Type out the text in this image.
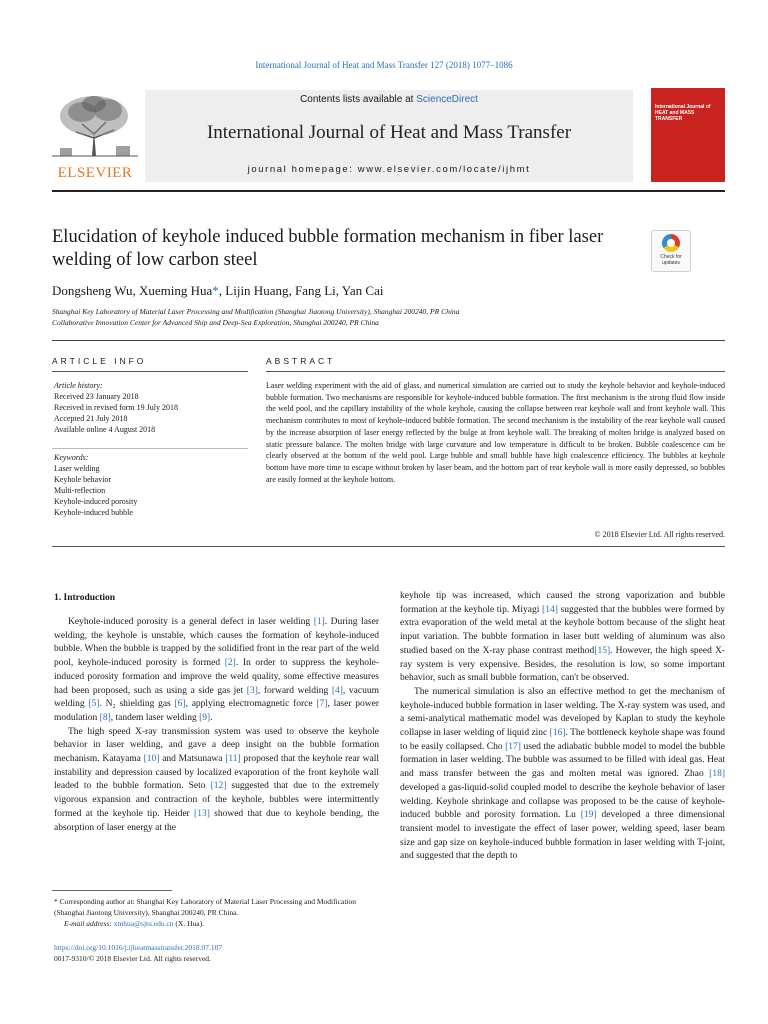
International Journal of Heat and Mass Transfer 127 (2018) 1077–1086
ELSEVIER
Contents lists available at ScienceDirect
International Journal of Heat and Mass Transfer
journal homepage: www.elsevier.com/locate/ijhmt
International Journal of HEAT and MASS TRANSFER
Elucidation of keyhole induced bubble formation mechanism in fiber laser welding of low carbon steel	Check for updates
Dongsheng Wu, Xueming Hua*, Lijin Huang, Fang Li, Yan Cai
Shanghai Key Laboratory of Material Laser Processing and Modification (Shanghai Jiaotong University), Shanghai 200240, PR China
Collaborative Innovation Center for Advanced Ship and Deep-Sea Exploration, Shanghai 200240, PR China
ARTICLE INFO	ABSTRACT
Article history:
Received 23 January 2018
Received in revised form 19 July 2018
Accepted 21 July 2018
Available online 4 August 2018
Keywords:
Laser welding
Keyhole behavior
Multi-reflection
Keyhole-induced porosity
Keyhole-induced bubble
Laser welding experiment with the aid of glass, and numerical simulation are carried out to study the keyhole behavior and keyhole-induced bubble formation. Two mechanisms are responsible for keyhole-induced bubble formation. The first mechanism is the strong fluid flow inside the weld pool, and the capillary instability of the whole keyhole, causing the collapse between rear keyhole wall and front keyhole wall. This mechanism contributes to most of keyhole-induced bubble formation. The second mechanism is the instability of the rear keyhole wall caused by the increase absorption of laser energy reflected by the bulge at front keyhole wall. The breaking of molten bridge is analyzed based on static pressure balance. The molten bridge with large curvature and low temperature is difficult to be broken. Bubble coalescence can be clearly observed at the bottom of the weld pool. Large bubble and small bubble have high coalescence efficiency. The bubbles at keyhole bottom have more time to escape without broken by laser beam, and the bottom part of rear keyhole wall is more easily depressed, so bubbles are easily formed at the keyhole bottom.
© 2018 Elsevier Ltd. All rights reserved.
1. Introduction

Keyhole-induced porosity is a general defect in laser welding [1]. During laser welding, the keyhole is unstable, which causes the formation of keyhole-induced bubble. When the bubble is trapped by the solidified front in the rear part of the weld pool, keyhole-induced porosity is formed [2]. In order to suppress the keyhole-induced porosity formation and improve the weld quality, some effective measures had been proposed, such as using a side gas jet [3], forward welding [4], vacuum welding [5]. N₂ shielding gas [6], applying electromagnetic force [7], laser power modulation [8], tandem laser welding [9].

The high speed X-ray transmission system was used to observe the keyhole behavior in laser welding, and gave a deep insight on the bubble formation mechanism. Katayama [10] and Matsunawa [11] proposed that the keyhole rear wall instability and depression caused by localized evaporation of the front keyhole wall leaded to the bubble formation. Seto [12] suggested that due to the extremely vigorous expansion and contraction of the keyhole, bubbles were intermittently formed at the keyhole tip. Heider [13] showed that due to keyhole bending, the absorption of laser energy at the

keyhole tip was increased, which caused the strong vaporization and bubble formation at the keyhole tip. Miyagi [14] suggested that the bubbles were formed by extra evaporation of the weld metal at the keyhole bottom because of the slight heat input variation. The bubble formation in laser butt welding of aluminum was also studied based on the X-ray phase contrast method[15]. However, the high speed X-ray system is very expensive. Besides, the resolution is low, so some important behavior, such as small bubble formation, can't be observed.

The numerical simulation is also an effective method to get the mechanism of keyhole-induced bubble formation in laser welding. The X-ray system was used, and a semi-analytical mathematic model was developed by Kaplan to study the keyhole collapse in laser welding of liquid zinc [16]. The bottleneck keyhole shape was found to be easily collapsed. Cho [17] used the adiabatic bubble model to model the bubble formation in laser welding. The bubble was assumed to be filled with ideal gas. Heat and mass transfer between the gas and molten metal was ignored. Zhao [18] developed a gas-liquid-solid coupled model to describe the keyhole behavior of laser welding. Keyhole shrinkage and collapse was proposed to be the cause of keyhole-induced bubble and porosity formation. Lu [19] developed a three dimensional transient model to investigate the effect of laser power, welding speed, laser beam size and gap size on keyhole-induced bubble formation in laser welding with T-joint, and suggested that the depth to

* Corresponding author at: Shanghai Key Laboratory of Material Laser Processing and Modification (Shanghai Jiaotong University), Shanghai 200240, PR China.
E-mail address: xmhua@sjtu.edu.cn (X. Hua).
https://doi.org/10.1016/j.ijheatmasstransfer.2018.07.107
0017-9310/© 2018 Elsevier Ltd. All rights reserved.
